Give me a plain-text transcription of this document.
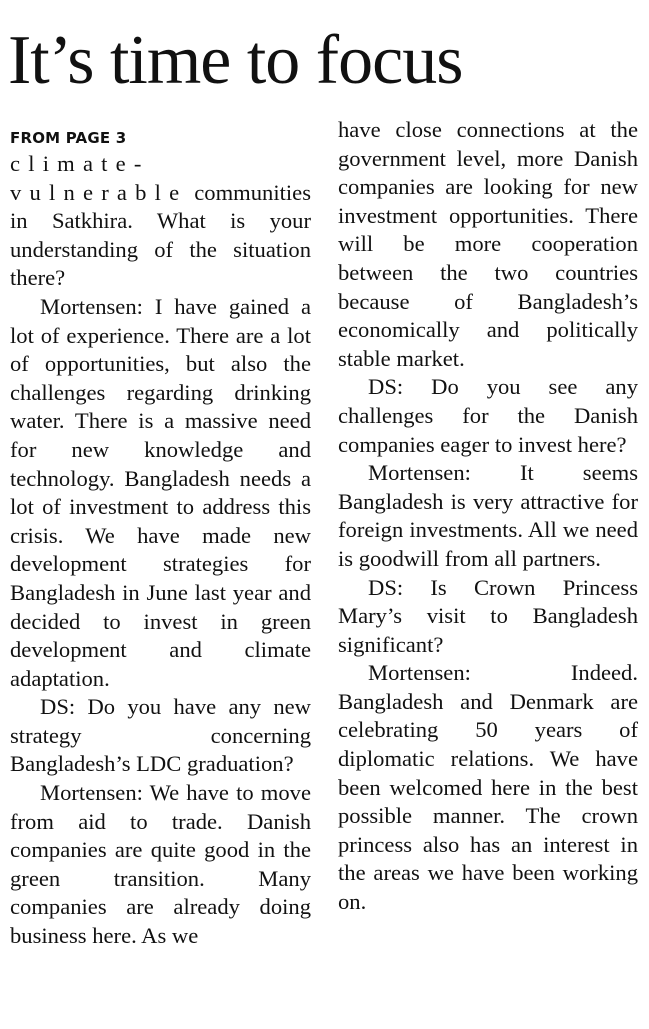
It’s time to focus
FROM PAGE 3

climate-vulnerable communities in Satkhira. What is your understanding of the situation there?

Mortensen: I have gained a lot of experience. There are a lot of opportunities, but also the challenges regarding drinking water. There is a massive need for new knowledge and technology. Bangladesh needs a lot of investment to address this crisis. We have made new development strategies for Bangladesh in June last year and decided to invest in green development and climate adaptation.

DS: Do you have any new strategy concerning Bangladesh’s LDC graduation?

Mortensen: We have to move from aid to trade. Danish companies are quite good in the green transition. Many companies are already doing business here. As we

have close connections at the government level, more Danish companies are looking for new investment opportunities. There will be more cooperation between the two countries because of Bangladesh’s economically and politically stable market.

DS: Do you see any challenges for the Danish companies eager to invest here?

Mortensen: It seems Bangladesh is very attractive for foreign investments. All we need is goodwill from all partners.

DS: Is Crown Princess Mary’s visit to Bangladesh significant?

Mortensen: Indeed. Bangladesh and Denmark are celebrating 50 years of diplomatic relations. We have been welcomed here in the best possible manner. The crown princess also has an interest in the areas we have been working on.
